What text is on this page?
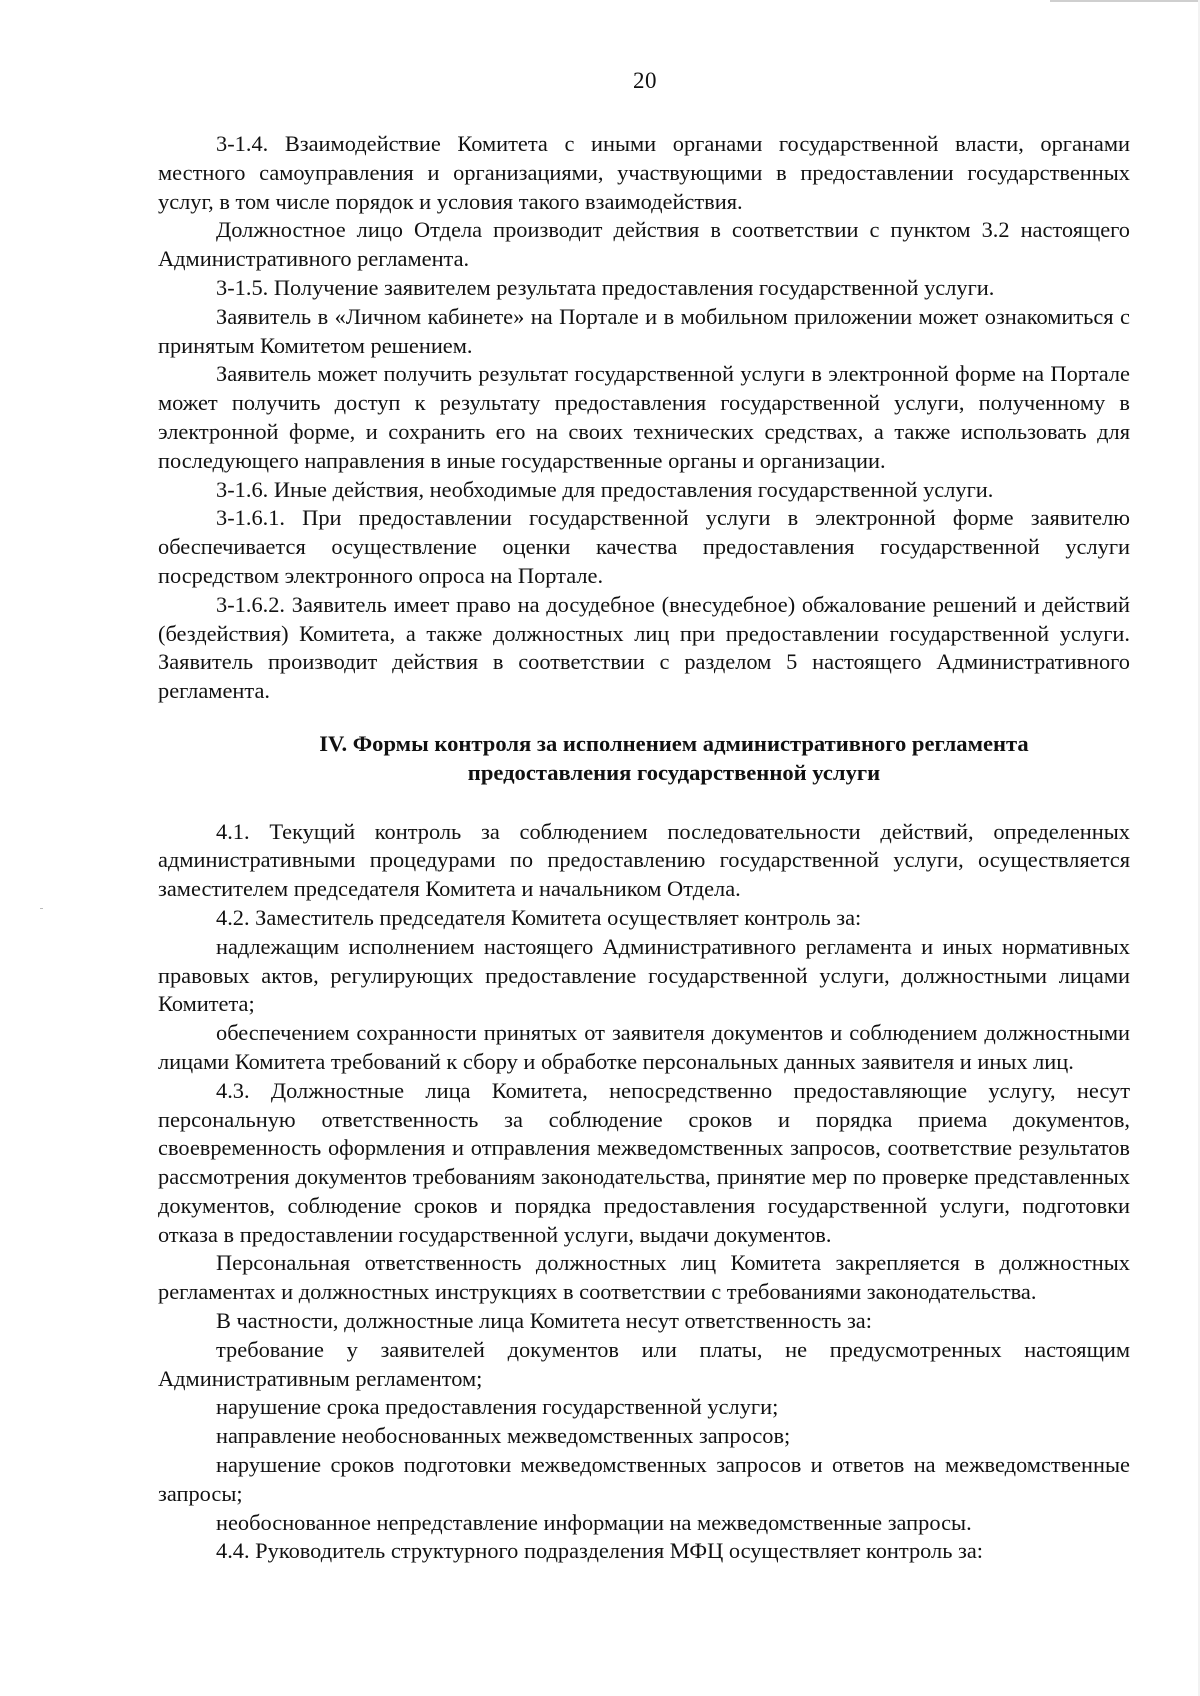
20

3-1.4. Взаимодействие Комитета с иными органами государственной власти, органами местного самоуправления и организациями, участвующими в предоставлении государственных услуг, в том числе порядок и условия такого взаимодействия.

Должностное лицо Отдела производит действия в соответствии с пунктом 3.2 настоящего Административного регламента.

3-1.5. Получение заявителем результата предоставления государственной услуги.

Заявитель в «Личном кабинете» на Портале и в мобильном приложении может ознакомиться с принятым Комитетом решением.

Заявитель может получить результат государственной услуги в электронной форме на Портале может получить доступ к результату предоставления государственной услуги, полученному в электронной форме, и сохранить его на своих технических средствах, а также использовать для последующего направления в иные государственные органы и организации.

3-1.6. Иные действия, необходимые для предоставления государственной услуги.

3-1.6.1. При предоставлении государственной услуги в электронной форме заявителю обеспечивается осуществление оценки качества предоставления государственной услуги посредством электронного опроса на Портале.

3-1.6.2. Заявитель имеет право на досудебное (внесудебное) обжалование решений и действий (бездействия) Комитета, а также должностных лиц при предоставлении государственной услуги. Заявитель производит действия в соответствии с разделом 5 настоящего Административного регламента.

IV. Формы контроля за исполнением административного регламента
предоставления государственной услуги

4.1. Текущий контроль за соблюдением последовательности действий, определенных административными процедурами по предоставлению государственной услуги, осуществляется заместителем председателя Комитета и начальником Отдела.

4.2. Заместитель председателя Комитета осуществляет контроль за:

надлежащим исполнением настоящего Административного регламента и иных нормативных правовых актов, регулирующих предоставление государственной услуги, должностными лицами Комитета;

обеспечением сохранности принятых от заявителя документов и соблюдением должностными лицами Комитета требований к сбору и обработке персональных данных заявителя и иных лиц.

4.3. Должностные лица Комитета, непосредственно предоставляющие услугу, несут персональную ответственность за соблюдение сроков и порядка приема документов, своевременность оформления и отправления межведомственных запросов, соответствие результатов рассмотрения документов требованиям законодательства, принятие мер по проверке представленных документов, соблюдение сроков и порядка предоставления государственной услуги, подготовки отказа в предоставлении государственной услуги, выдачи документов.

Персональная ответственность должностных лиц Комитета закрепляется в должностных регламентах и должностных инструкциях в соответствии с требованиями законодательства.

В частности, должностные лица Комитета несут ответственность за:

требование у заявителей документов или платы, не предусмотренных настоящим Административным регламентом;

нарушение срока предоставления государственной услуги;

направление необоснованных межведомственных запросов;

нарушение сроков подготовки межведомственных запросов и ответов на межведомственные запросы;

необоснованное непредставление информации на межведомственные запросы.

4.4. Руководитель структурного подразделения МФЦ осуществляет контроль за:
